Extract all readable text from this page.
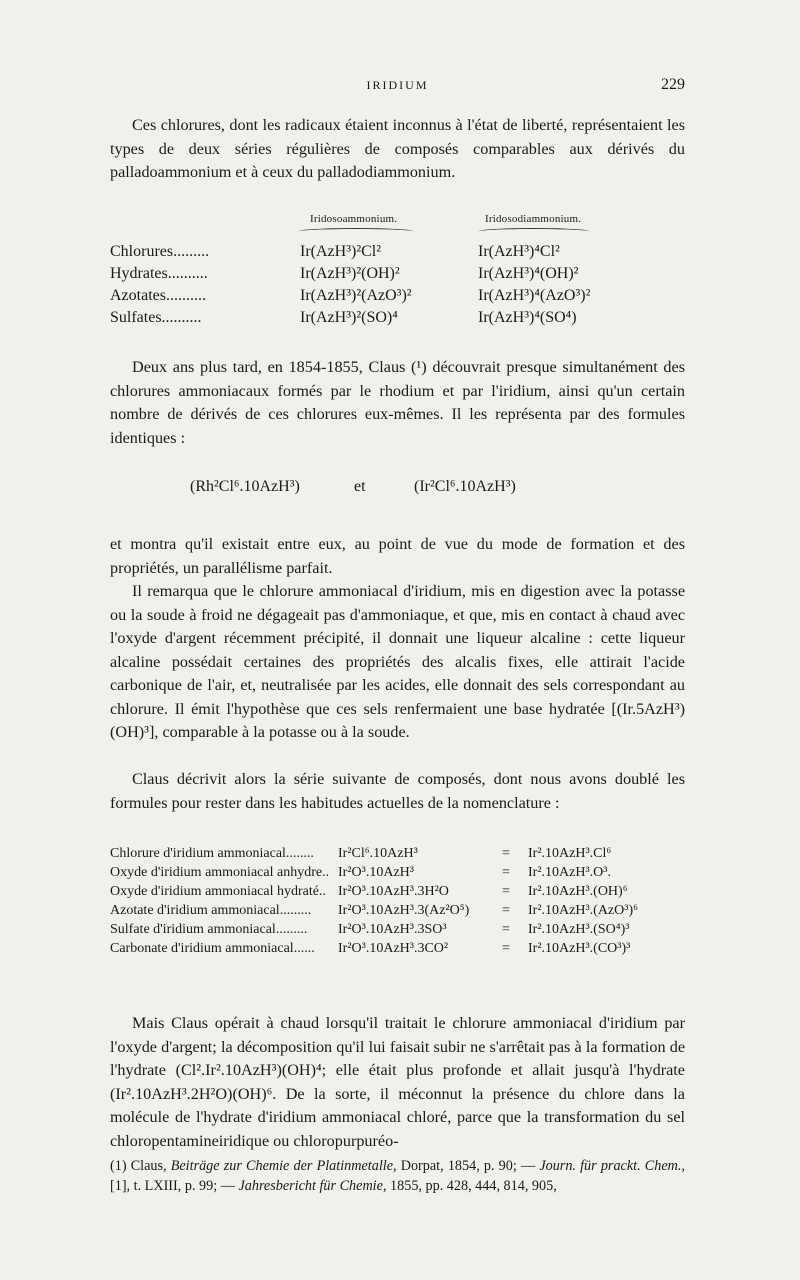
IRIDIUM	229

Ces chlorures, dont les radicaux étaient inconnus à l'état de liberté, représentaient les types de deux séries régulières de composés comparables aux dérivés du palladoammonium et à ceux du palladodiammonium.

Iridosoammonium.	Iridosodiammonium.
Chlorures.........	Ir(AzH³)²Cl²	Ir(AzH³)⁴Cl²
Hydrates..........	Ir(AzH³)²(OH)²	Ir(AzH³)⁴(OH)²
Azotates..........	Ir(AzH³)²(AzO³)²	Ir(AzH³)⁴(AzO³)²
Sulfates..........	Ir(AzH³)²(SO)⁴	Ir(AzH³)⁴(SO⁴)

Deux ans plus tard, en 1854-1855, Claus (¹) découvrait presque simultanément des chlorures ammoniacaux formés par le rhodium et par l'iridium, ainsi qu'un certain nombre de dérivés de ces chlorures eux-mêmes. Il les représenta par des formules identiques :

(Rh²Cl⁶.10AzH³)	et	(Ir²Cl⁶.10AzH³)

et montra qu'il existait entre eux, au point de vue du mode de formation et des propriétés, un parallélisme parfait.

Il remarqua que le chlorure ammoniacal d'iridium, mis en digestion avec la potasse ou la soude à froid ne dégageait pas d'ammoniaque, et que, mis en contact à chaud avec l'oxyde d'argent récemment précipité, il donnait une liqueur alcaline : cette liqueur alcaline possédait certaines des propriétés des alcalis fixes, elle attirait l'acide carbonique de l'air, et, neutralisée par les acides, elle donnait des sels correspondant au chlorure. Il émit l'hypothèse que ces sels renfermaient une base hydratée [(Ir.5AzH³)(OH)³], comparable à la potasse ou à la soude.

Claus décrivit alors la série suivante de composés, dont nous avons doublé les formules pour rester dans les habitudes actuelles de la nomenclature :

Chlorure d'iridium ammoniacal........ Ir²Cl⁶.10AzH³	= Ir².10AzH³.Cl⁶
Oxyde d'iridium ammoniacal anhydre.. Ir²O³.10AzH³	= Ir².10AzH³.O³.
Oxyde d'iridium ammoniacal hydraté.. Ir²O³.10AzH³.3H²O	= Ir².10AzH³.(OH)⁶
Azotate d'iridium ammoniacal......... Ir²O³.10AzH³.3(Az²O⁵) = Ir².10AzH³.(AzO³)⁶
Sulfate d'iridium ammoniacal......... Ir²O³.10AzH³.3SO³	= Ir².10AzH³.(SO⁴)³
Carbonate d'iridium ammoniacal...... Ir²O³.10AzH³.3CO²	= Ir².10AzH³.(CO³)³

Mais Claus opérait à chaud lorsqu'il traitait le chlorure ammoniacal d'iridium par l'oxyde d'argent; la décomposition qu'il lui faisait subir ne s'arrêtait pas à la formation de l'hydrate (Cl².Ir².10AzH³)(OH)⁴; elle était plus profonde et allait jusqu'à l'hydrate (Ir².10AzH³.2H²O)(OH)⁶. De la sorte, il méconnut la présence du chlore dans la molécule de l'hydrate d'iridium ammoniacal chloré, parce que la transformation du sel chloropentamineiridique ou chloropurpuréo-

(1) Claus, Beiträge zur Chemie der Platinmetalle, Dorpat, 1854, p. 90; — Journ. für prackt. Chem., [1], t. LXIII, p. 99; — Jahresbericht für Chemie, 1855, pp. 428, 444, 814, 905,
